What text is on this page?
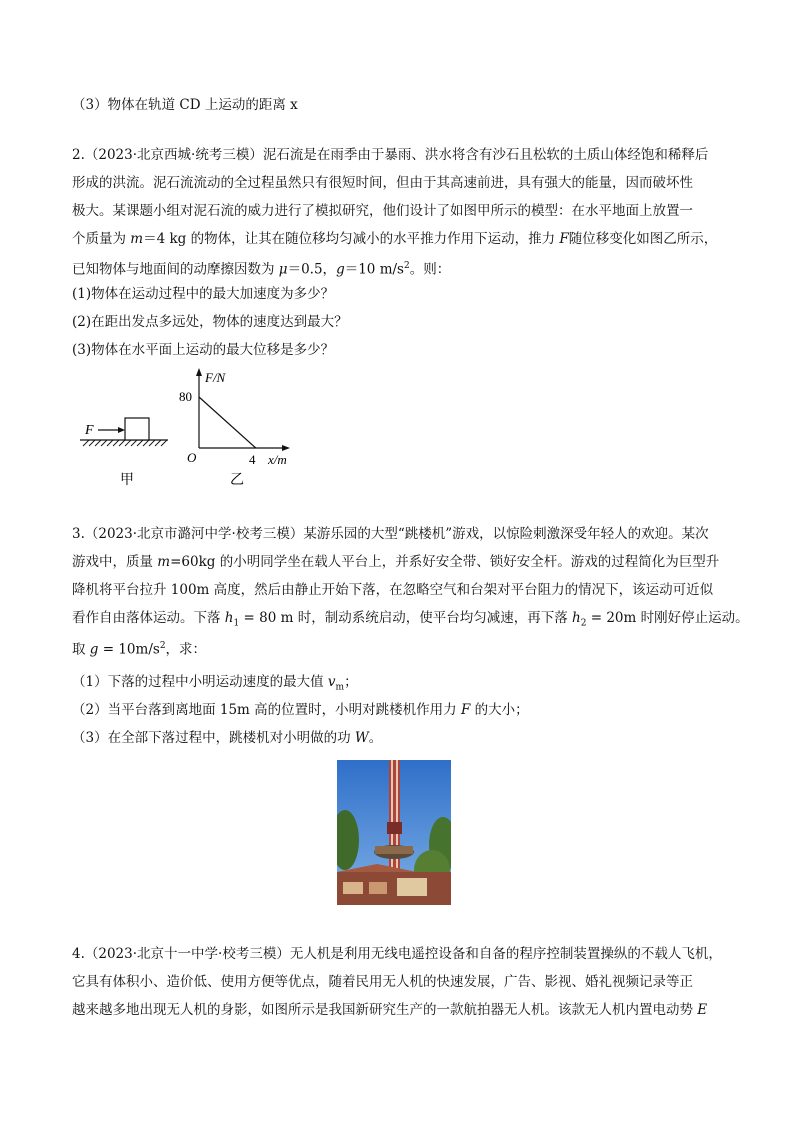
（3）物体在轨道 CD 上运动的距离 x
2.（2023·北京西城·统考三模）泥石流是在雨季由于暴雨、洪水将含有沙石且松软的土质山体经饱和稀释后
形成的洪流。泥石流流动的全过程虽然只有很短时间，但由于其高速前进，具有强大的能量，因而破坏性
极大。某课题小组对泥石流的威力进行了模拟研究，他们设计了如图甲所示的模型：在水平地面上放置一
个质量为 m＝4 kg 的物体，让其在随位移均匀减小的水平推力作用下运动，推力 F随位移变化如图乙所示，
已知物体与地面间的动摩擦因数为 μ＝0.5，g＝10 $m/s^2$。则：
(1)物体在运动过程中的最大加速度为多少？
(2)在距出发点多远处，物体的速度达到最大？
(3)物体在水平面上运动的最大位移是多少？
F
甲
F/N
x/m
O
80
4
乙
3.（2023·北京市潞河中学·校考三模）某游乐园的大型“跳楼机”游戏，以惊险刺激深受年轻人的欢迎。某次
游戏中，质量 m=60kg 的小明同学坐在载人平台上，并系好安全带、锁好安全杆。游戏的过程简化为巨型升
降机将平台拉升 100m 高度，然后由静止开始下落，在忽略空气和台架对平台阻力的情况下，该运动可近似
看作自由落体运动。下落 $h_1 = 80$ m 时，制动系统启动，使平台均匀减速，再下落 $h_2 = 20m$ 时刚好停止运动。
取 $g = 10m/s^2$，求：
（1）下落的过程中小明运动速度的最大值 $v_m$；
（2）当平台落到离地面 15m 高的位置时，小明对跳楼机作用力 F 的大小；
（3）在全部下落过程中，跳楼机对小明做的功 W。
4.（2023·北京十一中学·校考三模）无人机是利用无线电遥控设备和自备的程序控制装置操纵的不载人飞机，
它具有体积小、造价低、使用方便等优点，随着民用无人机的快速发展，广告、影视、婚礼视频记录等正
越来越多地出现无人机的身影，如图所示是我国新研究生产的一款航拍器无人机。该款无人机内置电动势 E
